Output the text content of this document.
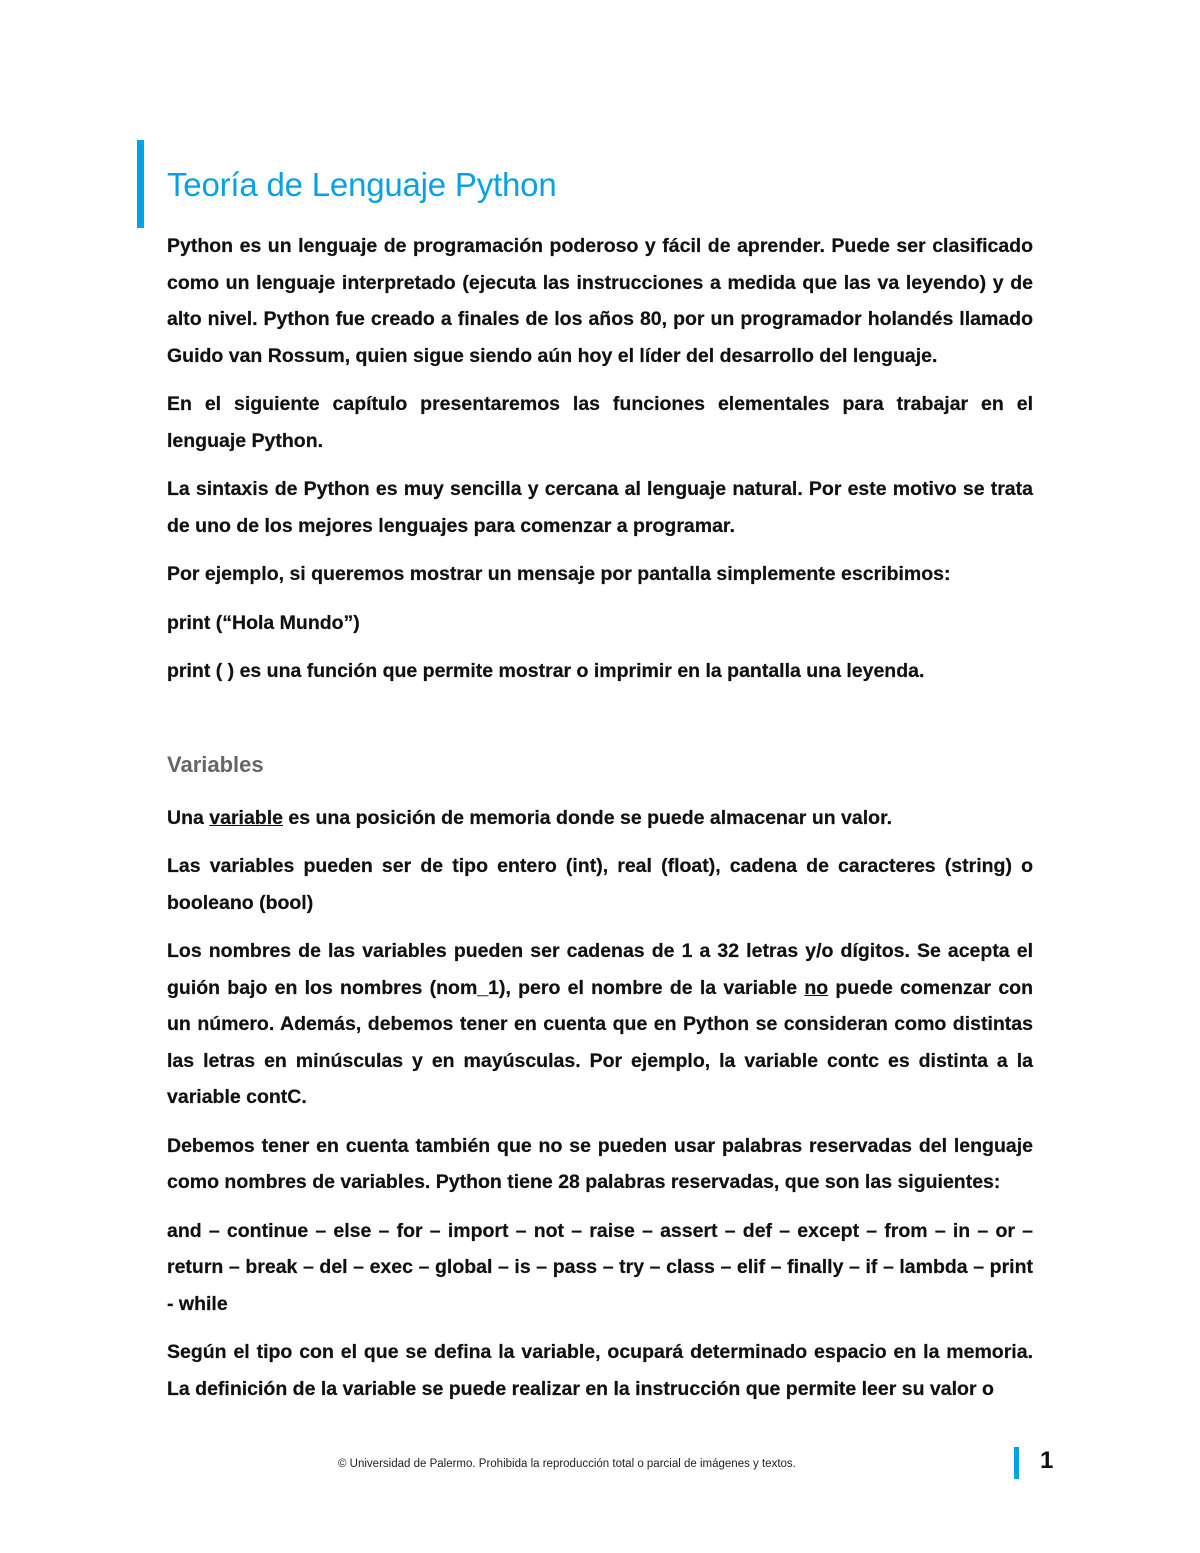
Teoría de Lenguaje Python

Python es un lenguaje de programación poderoso y fácil de aprender. Puede ser clasificado como un lenguaje interpretado (ejecuta las instrucciones a medida que las va leyendo) y de alto nivel. Python fue creado a finales de los años 80, por un programador holandés llamado Guido van Rossum, quien sigue siendo aún hoy el líder del desarrollo del lenguaje.

En el siguiente capítulo presentaremos las funciones elementales para trabajar en el lenguaje Python.

La sintaxis de Python es muy sencilla y cercana al lenguaje natural. Por este motivo se trata de uno de los mejores lenguajes para comenzar a programar.

Por ejemplo, si queremos mostrar un mensaje por pantalla simplemente escribimos:

print (“Hola Mundo”)

print ( ) es una función que permite mostrar o imprimir en la pantalla una leyenda.

Variables

Una variable es una posición de memoria donde se puede almacenar un valor.

Las variables pueden ser de tipo entero (int), real (float), cadena de caracteres (string) o booleano (bool)

Los nombres de las variables pueden ser cadenas de 1 a 32 letras y/o dígitos. Se acepta el guión bajo en los nombres (nom_1), pero el nombre de la variable no puede comenzar con un número. Además, debemos tener en cuenta que en Python se consideran como distintas las letras en minúsculas y en mayúsculas. Por ejemplo, la variable contc es distinta a la variable contC.

Debemos tener en cuenta también que no se pueden usar palabras reservadas del lenguaje como nombres de variables. Python tiene 28 palabras reservadas, que son las siguientes:

and – continue – else – for – import – not – raise – assert – def – except – from – in – or – return – break – del – exec – global – is – pass – try – class – elif – finally – if – lambda – print - while

Según el tipo con el que se defina la variable, ocupará determinado espacio en la memoria. La definición de la variable se puede realizar en la instrucción que permite leer su valor o

© Universidad de Palermo. Prohibida la reproducción total o parcial de imágenes y textos.	1
